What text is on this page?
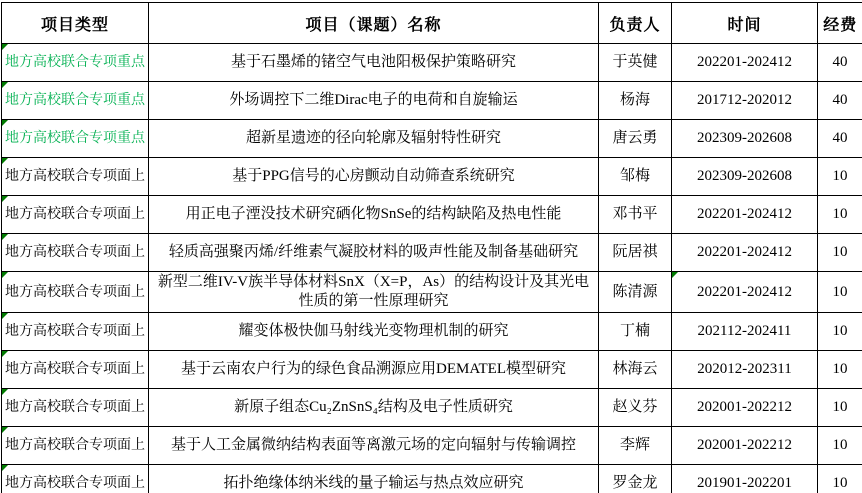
项目类型	项目（课题）名称	负责人	时间	经费

地方高校联合专项重点	基于石墨烯的锗空气电池阳极保护策略研究	于英健	202201-202412	40

地方高校联合专项重点	外场调控下二维Dirac电子的电荷和自旋输运	杨海	201712-202012	40

地方高校联合专项重点	超新星遗迹的径向轮廓及辐射特性研究	唐云勇	202309-202608	40

地方高校联合专项面上	基于PPG信号的心房颤动自动筛查系统研究	邹梅	202309-202608	10

地方高校联合专项面上	用正电子湮没技术研究硒化物SnSe的结构缺陷及热电性能	邓书平	202201-202412	10

地方高校联合专项面上	轻质高强聚丙烯/纤维素气凝胶材料的吸声性能及制备基础研究	阮居祺	202201-202412	10

地方高校联合专项面上	新型二维IV-V族半导体材料SnX（X=P，As）的结构设计及其光电性质的第一性原理研究	陈清源	202201-202412	10

地方高校联合专项面上	耀变体极快伽马射线光变物理机制的研究	丁楠	202112-202411	10

地方高校联合专项面上	基于云南农户行为的绿色食品溯源应用DEMATEL模型研究	林海云	202012-202311	10

地方高校联合专项面上	新原子组态Cu₂ZnSnS₄结构及电子性质研究	赵义芬	202001-202212	10

地方高校联合专项面上	基于人工金属微纳结构表面等离激元场的定向辐射与传输调控	李辉	202001-202212	10

地方高校联合专项面上	拓扑绝缘体纳米线的量子输运与热点效应研究	罗金龙	201901-202201	10
